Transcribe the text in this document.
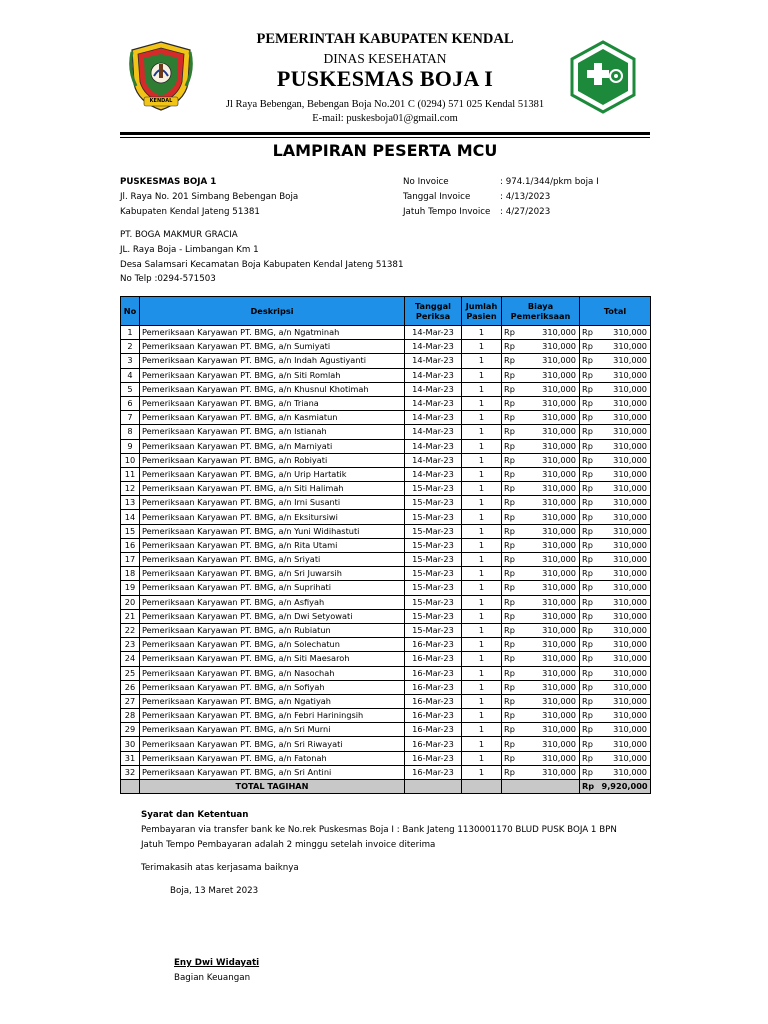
KENDAL
PEMERINTAH KABUPATEN KENDAL
DINAS KESEHATAN
PUSKESMAS BOJA I
Jl Raya Bebengan, Bebengan Boja No.201 C (0294) 571 025 Kendal 51381
E-mail: puskesboja01@gmail.com
LAMPIRAN PESERTA MCU
PUSKESMAS BOJA 1
Jl. Raya No. 201 Simbang Bebengan Boja
Kabupaten Kendal Jateng 51381
No Invoice	: 974.1/344/pkm boja I
Tanggal Invoice	: 4/13/2023
Jatuh Tempo Invoice : 4/27/2023
PT. BOGA MAKMUR GRACIA
JL. Raya Boja - Limbangan Km 1
Desa Salamsari Kecamatan Boja Kabupaten Kendal Jateng 51381
No Telp :0294-571503
No	Deskripsi	Tanggal Periksa	Jumlah Pasien	Biaya Pemeriksaan		Total	
1	Pemeriksaan Karyawan PT. BMG, a/n Ngatminah	14-Mar-23	1	Rp	310,000	Rp	310,000
2	Pemeriksaan Karyawan PT. BMG, a/n Sumiyati	14-Mar-23	1	Rp	310,000	Rp	310,000
3	Pemeriksaan Karyawan PT. BMG, a/n Indah Agustiyanti	14-Mar-23	1	Rp	310,000	Rp	310,000
4	Pemeriksaan Karyawan PT. BMG, a/n Siti Romlah	14-Mar-23	1	Rp	310,000	Rp	310,000
5	Pemeriksaan Karyawan PT. BMG, a/n Khusnul Khotimah	14-Mar-23	1	Rp	310,000	Rp	310,000
6	Pemeriksaan Karyawan PT. BMG, a/n Triana	14-Mar-23	1	Rp	310,000	Rp	310,000
7	Pemeriksaan Karyawan PT. BMG, a/n Kasmiatun	14-Mar-23	1	Rp	310,000	Rp	310,000
8	Pemeriksaan Karyawan PT. BMG, a/n Istianah	14-Mar-23	1	Rp	310,000	Rp	310,000
9	Pemeriksaan Karyawan PT. BMG, a/n Marniyati	14-Mar-23	1	Rp	310,000	Rp	310,000
10	Pemeriksaan Karyawan PT. BMG, a/n Robiyati	14-Mar-23	1	Rp	310,000	Rp	310,000
11	Pemeriksaan Karyawan PT. BMG, a/n Urip Hartatik	14-Mar-23	1	Rp	310,000	Rp	310,000
12	Pemeriksaan Karyawan PT. BMG, a/n Siti Halimah	15-Mar-23	1	Rp	310,000	Rp	310,000
13	Pemeriksaan Karyawan PT. BMG, a/n Irni Susanti	15-Mar-23	1	Rp	310,000	Rp	310,000
14	Pemeriksaan Karyawan PT. BMG, a/n Eksitursiwi	15-Mar-23	1	Rp	310,000	Rp	310,000
15	Pemeriksaan Karyawan PT. BMG, a/n Yuni Widihastuti	15-Mar-23	1	Rp	310,000	Rp	310,000
16	Pemeriksaan Karyawan PT. BMG, a/n Rita Utami	15-Mar-23	1	Rp	310,000	Rp	310,000
17	Pemeriksaan Karyawan PT. BMG, a/n Sriyati	15-Mar-23	1	Rp	310,000	Rp	310,000
18	Pemeriksaan Karyawan PT. BMG, a/n Sri Juwarsih	15-Mar-23	1	Rp	310,000	Rp	310,000
19	Pemeriksaan Karyawan PT. BMG, a/n Suprihati	15-Mar-23	1	Rp	310,000	Rp	310,000
20	Pemeriksaan Karyawan PT. BMG, a/n Asfiyah	15-Mar-23	1	Rp	310,000	Rp	310,000
21	Pemeriksaan Karyawan PT. BMG, a/n Dwi Setyowati	15-Mar-23	1	Rp	310,000	Rp	310,000
22	Pemeriksaan Karyawan PT. BMG, a/n Rubiatun	15-Mar-23	1	Rp	310,000	Rp	310,000
23	Pemeriksaan Karyawan PT. BMG, a/n Solechatun	16-Mar-23	1	Rp	310,000	Rp	310,000
24	Pemeriksaan Karyawan PT. BMG, a/n Siti Maesaroh	16-Mar-23	1	Rp	310,000	Rp	310,000
25	Pemeriksaan Karyawan PT. BMG, a/n Nasochah	16-Mar-23	1	Rp	310,000	Rp	310,000
26	Pemeriksaan Karyawan PT. BMG, a/n Sofiyah	16-Mar-23	1	Rp	310,000	Rp	310,000
27	Pemeriksaan Karyawan PT. BMG, a/n Ngatiyah	16-Mar-23	1	Rp	310,000	Rp	310,000
28	Pemeriksaan Karyawan PT. BMG, a/n Febri Hariningsih	16-Mar-23	1	Rp	310,000	Rp	310,000
29	Pemeriksaan Karyawan PT. BMG, a/n Sri Murni	16-Mar-23	1	Rp	310,000	Rp	310,000
30	Pemeriksaan Karyawan PT. BMG, a/n Sri Riwayati	16-Mar-23	1	Rp	310,000	Rp	310,000
31	Pemeriksaan Karyawan PT. BMG, a/n Fatonah	16-Mar-23	1	Rp	310,000	Rp	310,000
32	Pemeriksaan Karyawan PT. BMG, a/n Sri Antini	16-Mar-23	1	Rp	310,000	Rp	310,000
	TOTAL TAGIHAN					Rp	9,920,000
Syarat dan Ketentuan
Pembayaran via transfer bank ke No.rek Puskesmas Boja I : Bank Jateng 1130001170 BLUD PUSK BOJA 1 BPN
Jatuh Tempo Pembayaran adalah 2 minggu setelah invoice diterima
Terimakasih atas kerjasama baiknya
Boja, 13 Maret 2023
Eny Dwi Widayati
Bagian Keuangan
